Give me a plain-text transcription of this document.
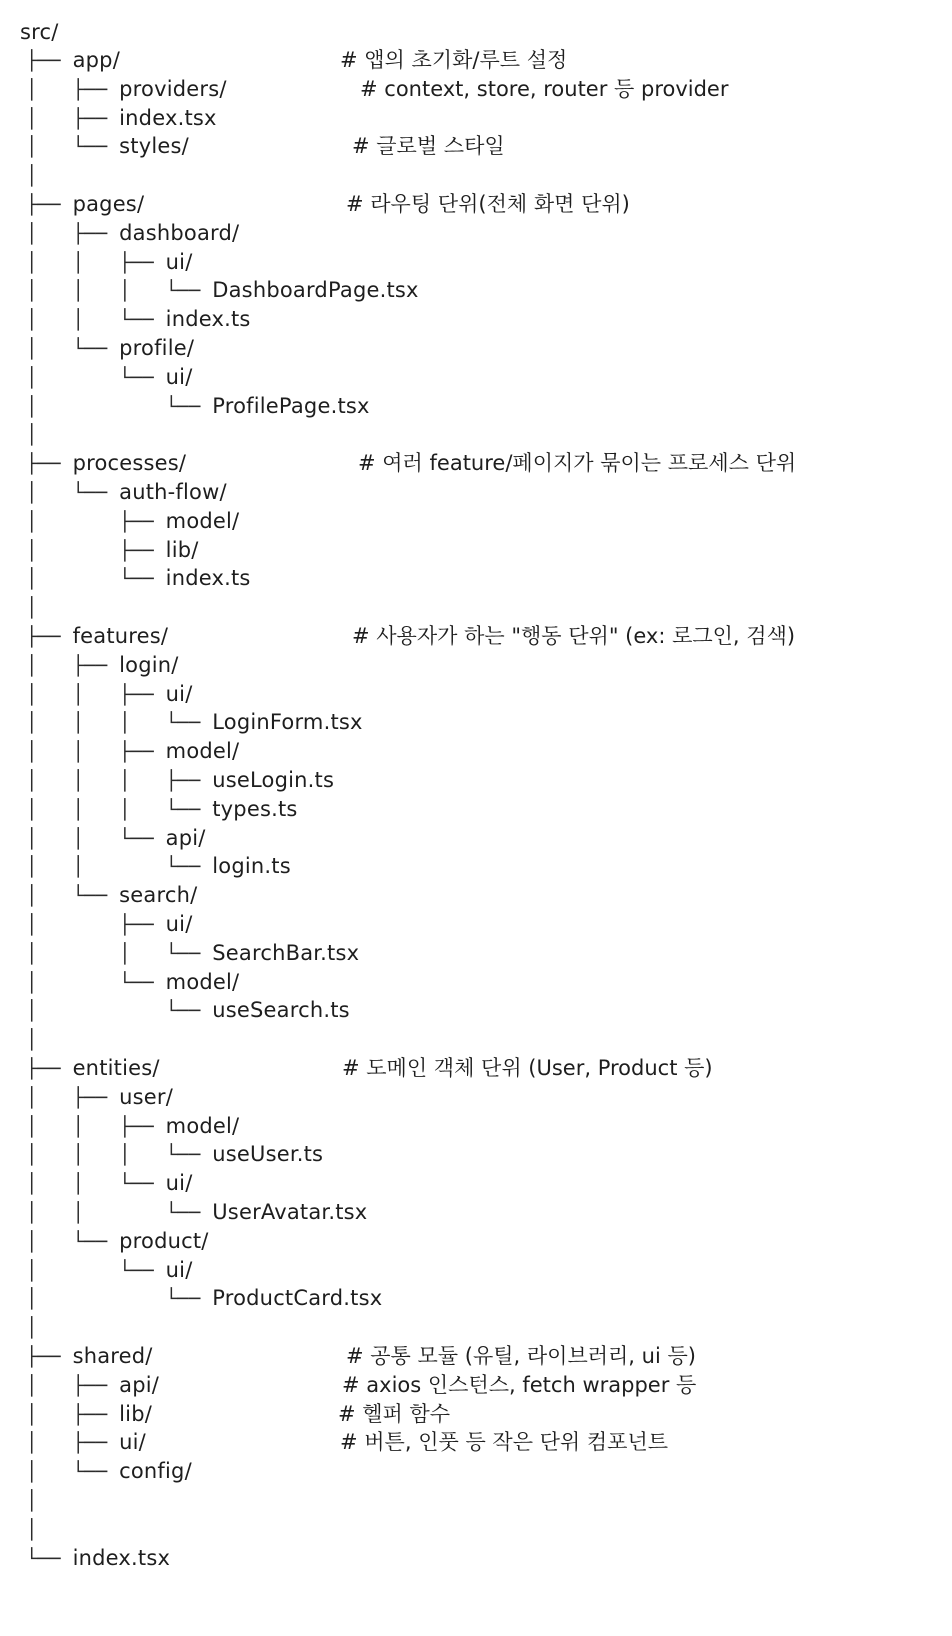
src/
├── app/	# 앱의 초기화/루트 설정
│   ├── providers/	# context, store, router 등 provider
│   ├── index.tsx
│   └── styles/	# 글로벌 스타일
│
├── pages/	# 라우팅 단위(전체 화면 단위)
│   ├── dashboard/
│   │   ├── ui/
│   │   │   └── DashboardPage.tsx
│   │   └── index.ts
│   └── profile/
│       └── ui/
│           └── ProfilePage.tsx
│
├── processes/	# 여러 feature/페이지가 묶이는 프로세스 단위
│   └── auth-flow/
│       ├── model/
│       ├── lib/
│       └── index.ts
│
├── features/	# 사용자가 하는 "행동 단위" (ex: 로그인, 검색)
│   ├── login/
│   │   ├── ui/
│   │   │   └── LoginForm.tsx
│   │   ├── model/
│   │   │   ├── useLogin.ts
│   │   │   └── types.ts
│   │   └── api/
│   │       └── login.ts
│   └── search/
│       ├── ui/
│       │   └── SearchBar.tsx
│       └── model/
│           └── useSearch.ts
│
├── entities/	# 도메인 객체 단위 (User, Product 등)
│   ├── user/
│   │   ├── model/
│   │   │   └── useUser.ts
│   │   └── ui/
│   │       └── UserAvatar.tsx
│   └── product/
│       └── ui/
│           └── ProductCard.tsx
│
├── shared/	# 공통 모듈 (유틸, 라이브러리, ui 등)
│   ├── api/	# axios 인스턴스, fetch wrapper 등
│   ├── lib/	# 헬퍼 함수
│   ├── ui/	# 버튼, 인풋 등 작은 단위 컴포넌트
│   └── config/
│
│
└── index.tsx
